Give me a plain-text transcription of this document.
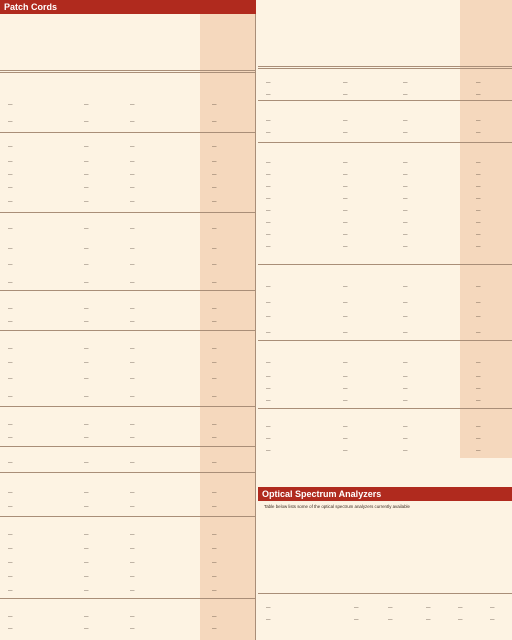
Patch Cords
—	—	—	—
—	—	—	—
—	—	—	—
—	—	—	—
—	—	—	—
—	—	—	—
—	—	—	—
—	—	—	—
—	—	—	—
—	—	—	—
—	—	—	—
—	—	—	—
—	—	—	—
—	—	—	—
—	—	—	—
—	—	—	—
—	—	—	—
—	—	—	—
—	—	—	—
—	—	—	—
—	—	—	—
—	—	—	—
—	—	—	—
—	—	—	—
—	—	—	—
—	—	—	—
—	—	—	—
—	—	—	—
—	—	—	—
—	—	—	—
—	—	—	—
—	—	—	—
—	—	—	—
—	—	—	—
—	—	—	—
—	—	—	—
—	—	—	—
—	—	—	—
—	—	—	—
—	—	—	—
—	—	—	—
—	—	—	—
—	—	—	—
—	—	—	—
—	—	—	—
—	—	—	—
—	—	—	—
—	—	—	—
—	—	—	—
—	—	—	—
—	—	—	—
—	—	—	—
Optical Spectrum Analyzers
Table below lists some of the optical spectrum analyzers currently available
—	—	—	—	—	—
—	—	—	—	—	—
